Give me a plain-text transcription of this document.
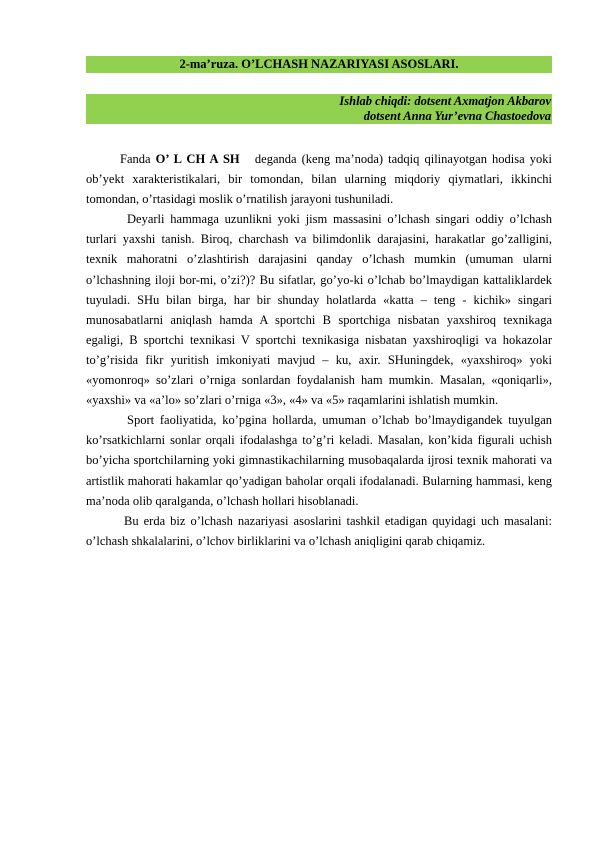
2-ma’ruza. O’LCHASH NAZARIYASI ASOSLARI.
Ishlab chiqdi: dotsent Axmatjon Akbarov
dotsent Anna Yur’evna Chastoedova

Fanda O’ L CH A SH   deganda (keng ma’noda) tadqiq qilinayotgan hodisa yoki ob’yekt xarakteristikalari, bir tomondan, bilan ularning miqdoriy qiymatlari, ikkinchi tomondan, o’rtasidagi moslik o’rnatilish jarayoni tushuniladi.

Deyarli hammaga uzunlikni yoki jism massasini o’lchash singari oddiy o’lchash turlari yaxshi tanish. Biroq, charchash va bilimdonlik darajasini, harakatlar go’zalligini, texnik mahoratni o’zlashtirish darajasini qanday o’lchash mumkin (umuman ularni o’lchashning iloji bor-mi, o’zi?)? Bu sifatlar, go’yo-ki o’lchab bo’lmaydigan kattaliklardek tuyuladi. SHu bilan birga, har bir shunday holatlarda «katta – teng - kichik» singari munosabatlarni aniqlash hamda A sportchi B sportchiga nisbatan yaxshiroq texnikaga egaligi, B sportchi texnikasi V sportchi texnikasiga nisbatan yaxshiroqligi va hokazolar to’g’risida fikr yuritish imkoniyati mavjud – ku, axir. SHuningdek, «yaxshiroq» yoki «yomonroq» so’zlari o’rniga sonlardan foydalanish ham mumkin. Masalan, «qoniqarli», «yaxshi» va «a’lo» so’zlari o’rniga «3», «4» va «5» raqamlarini ishlatish mumkin.

Sport faoliyatida, ko’pgina hollarda, umuman o’lchab bo’lmaydigandek tuyulgan ko’rsatkichlarni sonlar orqali ifodalashga to’g’ri keladi. Masalan, kon’kida figurali uchish bo’yicha sportchilarning yoki gimnastikachilarning musobaqalarda ijrosi texnik mahorati va artistlik mahorati hakamlar qo’yadigan baholar orqali ifodalanadi. Bularning hammasi, keng ma’noda olib qaralganda, o’lchash hollari hisoblanadi.

Bu erda biz o’lchash nazariyasi asoslarini tashkil etadigan quyidagi uch masalani: o’lchash shkalalarini, o’lchov birliklarini va o’lchash aniqligini qarab chiqamiz.
